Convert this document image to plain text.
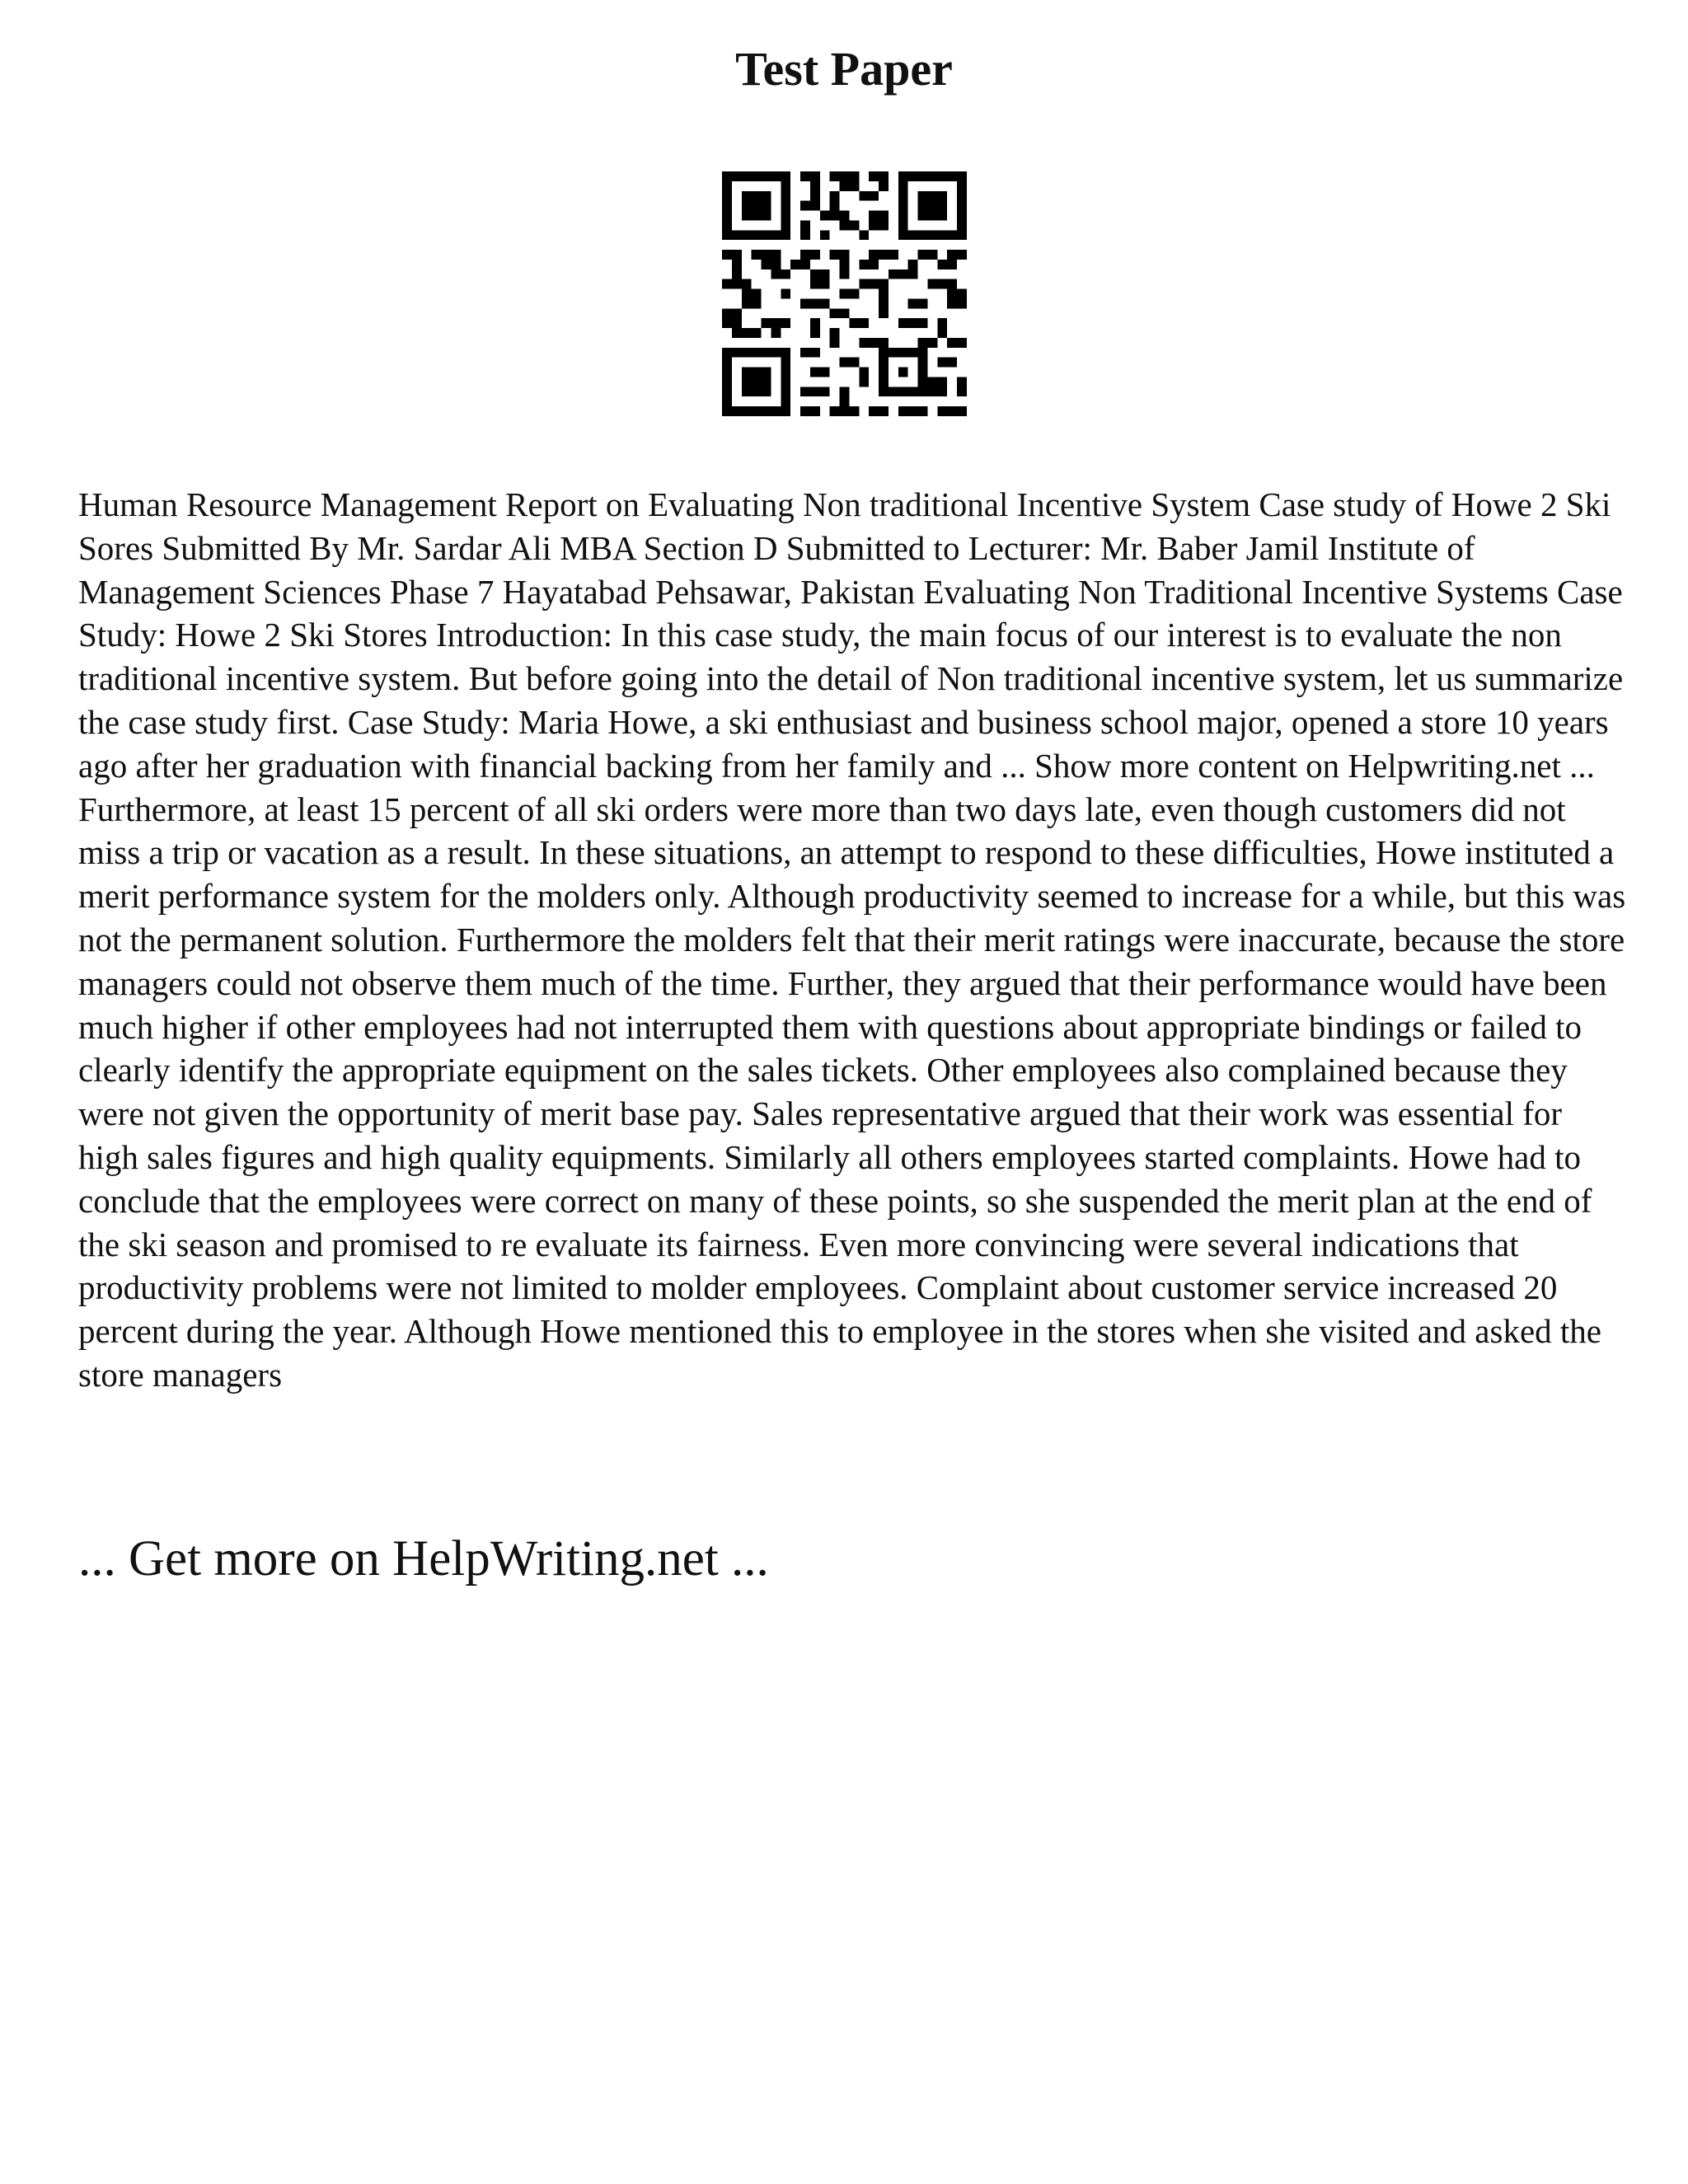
Test Paper

Human Resource Management Report on Evaluating Non traditional Incentive System Case study of Howe 2 Ski Sores Submitted By Mr. Sardar Ali MBA Section D Submitted to Lecturer: Mr. Baber Jamil Institute of Management Sciences Phase 7 Hayatabad Pehsawar, Pakistan Evaluating Non Traditional Incentive Systems Case Study: Howe 2 Ski Stores Introduction: In this case study, the main focus of our interest is to evaluate the non traditional incentive system. But before going into the detail of Non traditional incentive system, let us summarize the case study first. Case Study: Maria Howe, a ski enthusiast and business school major, opened a store 10 years ago after her graduation with financial backing from her family and ... Show more content on Helpwriting.net ... Furthermore, at least 15 percent of all ski orders were more than two days late, even though customers did not miss a trip or vacation as a result. In these situations, an attempt to respond to these difficulties, Howe instituted a merit performance system for the molders only. Although productivity seemed to increase for a while, but this was not the permanent solution. Furthermore the molders felt that their merit ratings were inaccurate, because the store managers could not observe them much of the time. Further, they argued that their performance would have been much higher if other employees had not interrupted them with questions about appropriate bindings or failed to clearly identify the appropriate equipment on the sales tickets. Other employees also complained because they were not given the opportunity of merit base pay. Sales representative argued that their work was essential for high sales figures and high quality equipments. Similarly all others employees started complaints. Howe had to conclude that the employees were correct on many of these points, so she suspended the merit plan at the end of the ski season and promised to re evaluate its fairness. Even more convincing were several indications that productivity problems were not limited to molder employees. Complaint about customer service increased 20 percent during the year. Although Howe mentioned this to employee in the stores when she visited and asked the store managers

... Get more on HelpWriting.net ...
